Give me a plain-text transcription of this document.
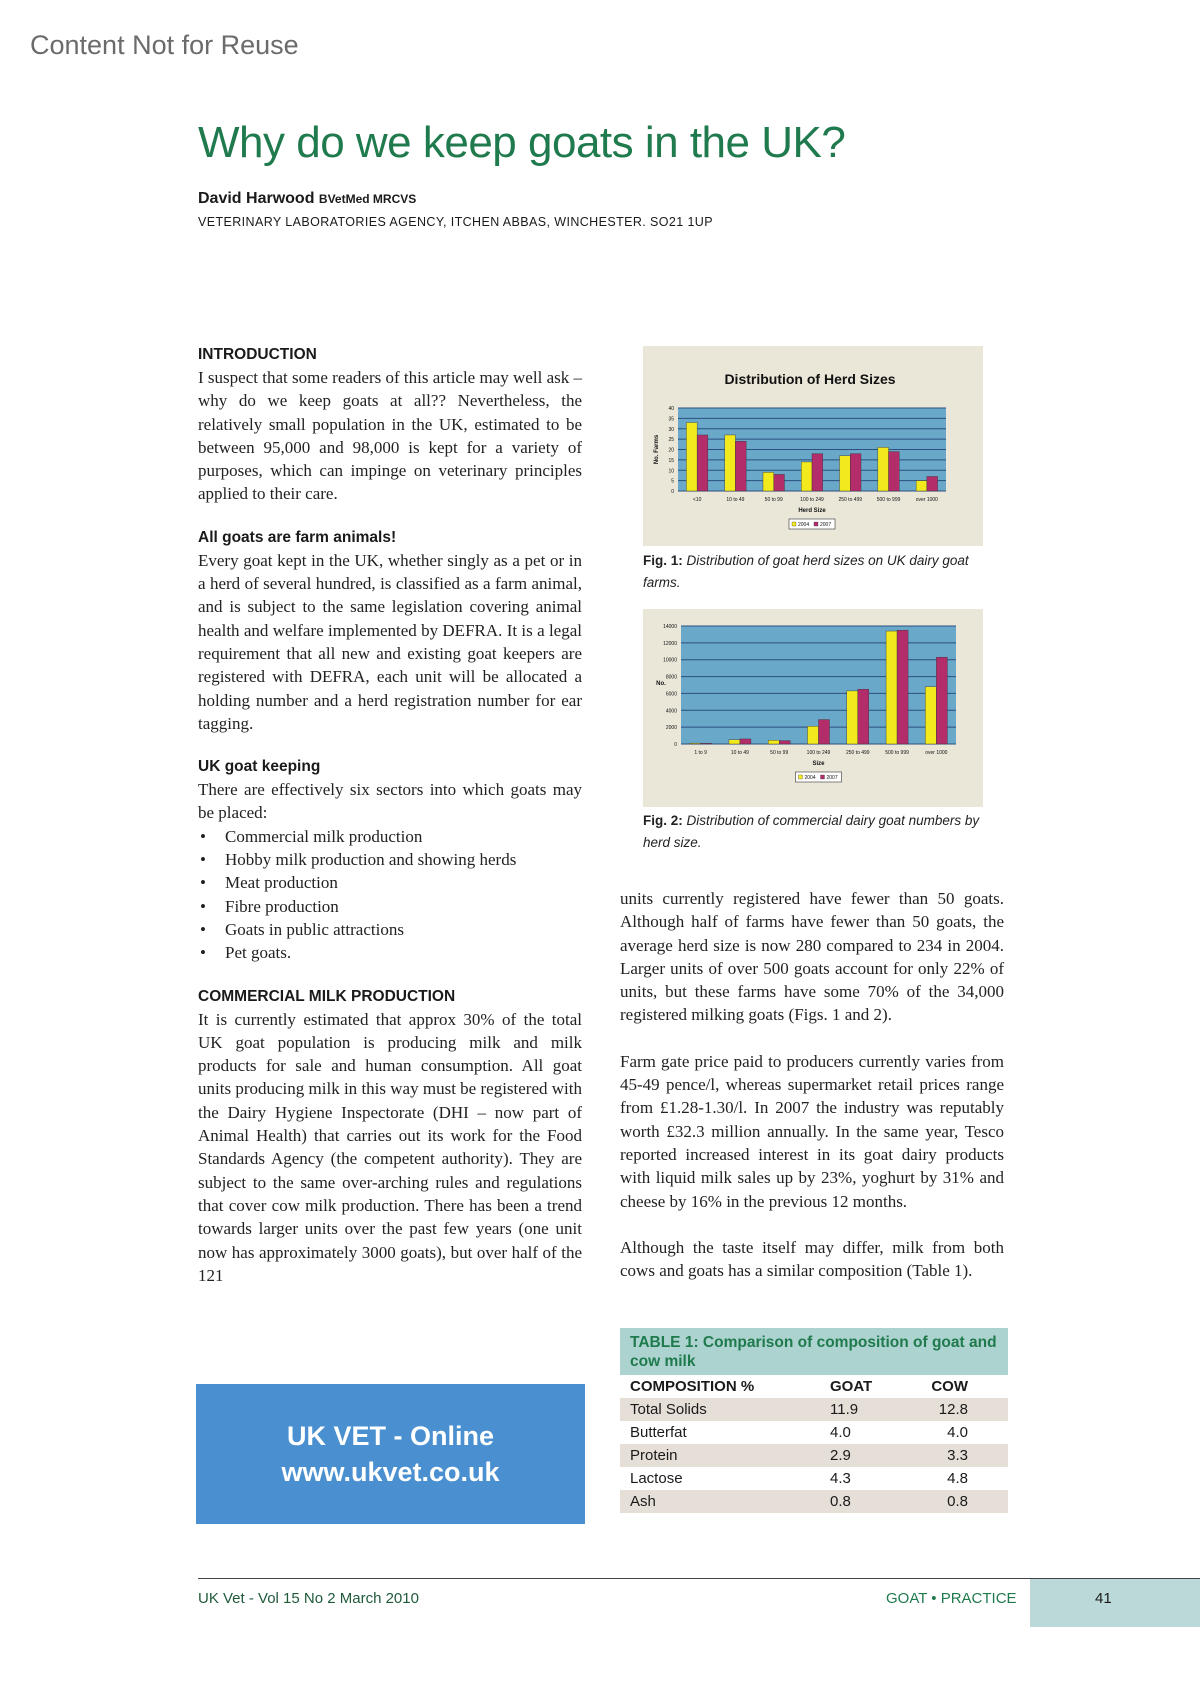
Content Not for Reuse
Why do we keep goats in the UK?
David Harwood BVetMed MRCVS
VETERINARY LABORATORIES AGENCY, ITCHEN ABBAS, WINCHESTER. SO21 1UP
INTRODUCTION
I suspect that some readers of this article may well ask – why do we keep goats at all?? Nevertheless, the relatively small population in the UK, estimated to be between 95,000 and 98,000 is kept for a variety of purposes, which can impinge on veterinary principles applied to their care.
All goats are farm animals!
Every goat kept in the UK, whether singly as a pet or in a herd of several hundred, is classified as a farm animal, and is subject to the same legislation covering animal health and welfare implemented by DEFRA. It is a legal requirement that all new and existing goat keepers are registered with DEFRA, each unit will be allocated a holding number and a herd registration number for ear tagging.
UK goat keeping
There are effectively six sectors into which goats may be placed:
• Commercial milk production
• Hobby milk production and showing herds
• Meat production
• Fibre production
• Goats in public attractions
• Pet goats.
COMMERCIAL MILK PRODUCTION
It is currently estimated that approx 30% of the total UK goat population is producing milk and milk products for sale and human consumption. All goat units producing milk in this way must be registered with the Dairy Hygiene Inspectorate (DHI – now part of Animal Health) that carries out its work for the Food Standards Agency (the competent authority). They are subject to the same over-arching rules and regulations that cover cow milk production. There has been a trend towards larger units over the past few years (one unit now has approximately 3000 goats), but over half of the 121
Distribution of Herd Sizes
0
5
10
15
20
25
30
35
40
<10	10 to 49	50 to 99	100 to 249	250 to 499	500 to 999	over 1000
Herd Size
No. Farms
2004 2007
Fig. 1: Distribution of goat herd sizes on UK dairy goat farms.
0
2000
4000
6000
8000
10000
12000
14000
1 to 9	10 to 49	50 to 99	100 to 249	250 to 499	500 to 999	over 1000
Size
No.
2004 2007
Fig. 2: Distribution of commercial dairy goat numbers by herd size.
units currently registered have fewer than 50 goats. Although half of farms have fewer than 50 goats, the average herd size is now 280 compared to 234 in 2004. Larger units of over 500 goats account for only 22% of units, but these farms have some 70% of the 34,000 registered milking goats (Figs. 1 and 2).
Farm gate price paid to producers currently varies from 45-49 pence/l, whereas supermarket retail prices range from £1.28-1.30/l. In 2007 the industry was reputably worth £32.3 million annually. In the same year, Tesco reported increased interest in its goat dairy products with liquid milk sales up by 23%, yoghurt by 31% and cheese by 16% in the previous 12 months.
Although the taste itself may differ, milk from both cows and goats has a similar composition (Table 1).
TABLE 1: Comparison of composition of goat and cow milk
COMPOSITION %	GOAT	COW
Total Solids	11.9	12.8
Butterfat	4.0	4.0
Protein	2.9	3.3
Lactose	4.3	4.8
Ash	0.8	0.8
UK VET - Online
www.ukvet.co.uk
UK Vet - Vol 15 No 2 March 2010	GOAT • PRACTICE	41
